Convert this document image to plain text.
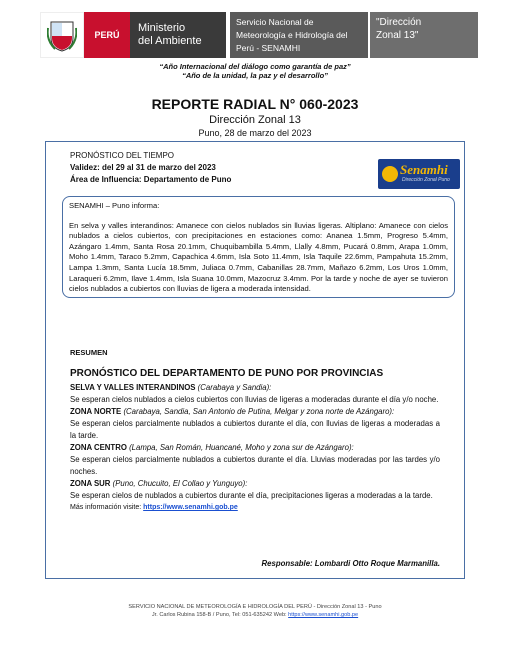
PERÚ
Ministerio
del Ambiente
Servicio Nacional de
Meteorología e Hidrología del
Perú - SENAMHI
"Dirección
Zonal 13"
“Año Internacional del diálogo como garantía de paz”
“Año de la unidad, la paz y el desarrollo”
REPORTE RADIAL N° 060-2023
Dirección Zonal 13
Puno, 28 de marzo del 2023
PRONÓSTICO DEL TIEMPO
Validez: del 29 al 31 de marzo del 2023
Área de Influencia: Departamento de Puno
Senamhi
Dirección Zonal Puno
SENAMHI – Puno informa:
En selva y valles interandinos: Amanece con cielos nublados sin lluvias ligeras. Altiplano: Amanece con cielos nublados a cielos cubiertos, con precipitaciones en estaciones como: Ananea 1.5mm, Progreso 5.4mm, Azángaro 1.4mm, Santa Rosa 20.1mm, Chuquibambilla 5.4mm, Llally 4.8mm, Pucará 0.8mm, Arapa 1.0mm, Moho 1.4mm, Taraco 5.2mm, Capachica 4.6mm, Isla Soto 11.4mm, Isla Taquile 22.6mm, Pampahuta 15.2mm, Lampa 1.3mm, Santa Lucía 18.5mm, Juliaca 0.7mm, Cabanillas 28.7mm, Mañazo 6.2mm, Los Uros 1.0mm, Laraqueri 6.2mm, Ilave 1.4mm, Isla Suana 10.0mm, Mazocruz 3.4mm. Por la tarde y noche de ayer se tuvieron cielos nublados a cubiertos con lluvias de ligera a moderada intensidad.
RESUMEN
PRONÓSTICO DEL DEPARTAMENTO DE PUNO POR PROVINCIAS
SELVA Y VALLES INTERANDINOS (Carabaya y Sandia):
Se esperan cielos nublados a cielos cubiertos con lluvias de ligeras a moderadas durante el día y/o noche.
ZONA NORTE (Carabaya, Sandia, San Antonio de Putina, Melgar y zona norte de Azángaro):
Se esperan cielos parcialmente nublados a cubiertos durante el día, con lluvias de ligeras a moderadas a la tarde.
ZONA CENTRO (Lampa, San Román, Huancané, Moho y zona sur de Azángaro):
Se esperan cielos parcialmente nublados a cubiertos durante el día. Lluvias moderadas por las tardes y/o noches.
ZONA SUR (Puno, Chucuito, El Collao y Yunguyo):
Se esperan cielos de nublados a cubiertos durante el día, precipitaciones ligeras a moderadas a la tarde.
Más información visite: https://www.senamhi.gob.pe
Responsable: Lombardi Otto Roque Marmanilla.
SERVICIO NACIONAL DE METEOROLOGÍA E HIDROLOGÍA DEL PERÚ - Dirección Zonal 13 - Puno
Jr. Carlos Rubina 158-B / Puno, Tel: 051-635242 Web: https://www.senamhi.gob.pe
